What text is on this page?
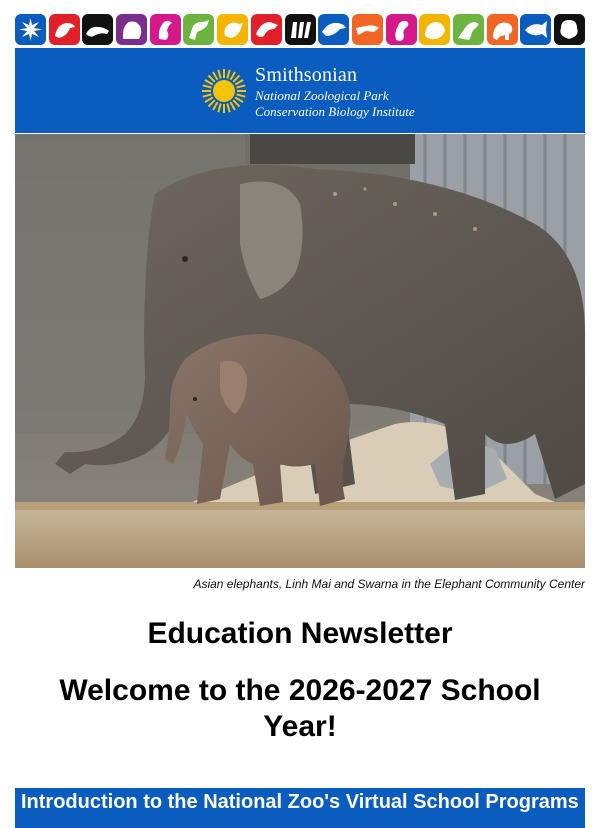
Smithsonian
National Zoological Park
Conservation Biology Institute
Asian elephants, Linh Mai and Swarna in the Elephant Community Center
Education Newsletter
Welcome to the 2026-2027 School Year!
Introduction to the National Zoo's Virtual School Programs
